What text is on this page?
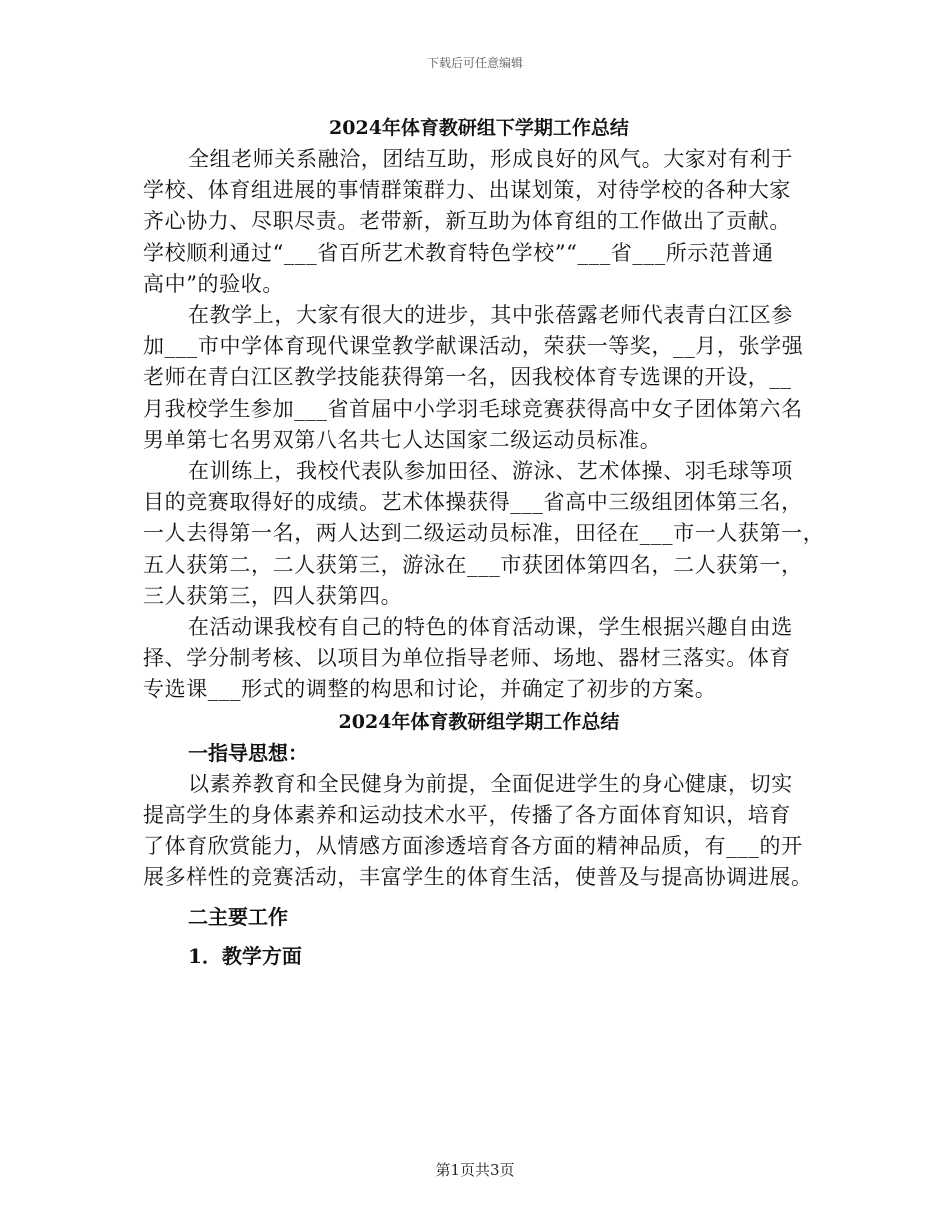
下载后可任意编辑
2024年体育教研组下学期工作总结

全组老师关系融洽，团结互助，形成良好的风气。大家对有利于
学校、体育组进展的事情群策群力、出谋划策，对待学校的各种大家
齐心协力、尽职尽责。老带新，新互助为体育组的工作做出了贡献。
学校顺利通过“___省百所艺术教育特色学校”“___省___所示范普通
高中”的验收。

在教学上，大家有很大的进步，其中张蓓露老师代表青白江区参
加___市中学体育现代课堂教学献课活动，荣获一等奖，__月，张学强
老师在青白江区教学技能获得第一名，因我校体育专选课的开设，__
月我校学生参加___省首届中小学羽毛球竞赛获得高中女子团体第六名
男单第七名男双第八名共七人达国家二级运动员标准。

在训练上，我校代表队参加田径、游泳、艺术体操、羽毛球等项
目的竞赛取得好的成绩。艺术体操获得___省高中三级组团体第三名，
一人去得第一名，两人达到二级运动员标准，田径在___市一人获第一，
五人获第二，二人获第三，游泳在___市获团体第四名，二人获第一，
三人获第三，四人获第四。

在活动课我校有自己的特色的体育活动课，学生根据兴趣自由选
择、学分制考核、以项目为单位指导老师、场地、器材三落实。体育
专选课___形式的调整的构思和讨论，并确定了初步的方案。

2024年体育教研组学期工作总结

一指导思想：

以素养教育和全民健身为前提，全面促进学生的身心健康，切实
提高学生的身体素养和运动技术水平，传播了各方面体育知识，培育
了体育欣赏能力，从情感方面渗透培育各方面的精神品质，有___的开
展多样性的竞赛活动，丰富学生的体育生活，使普及与提高协调进展。

二主要工作

1．教学方面

第1页共3页
